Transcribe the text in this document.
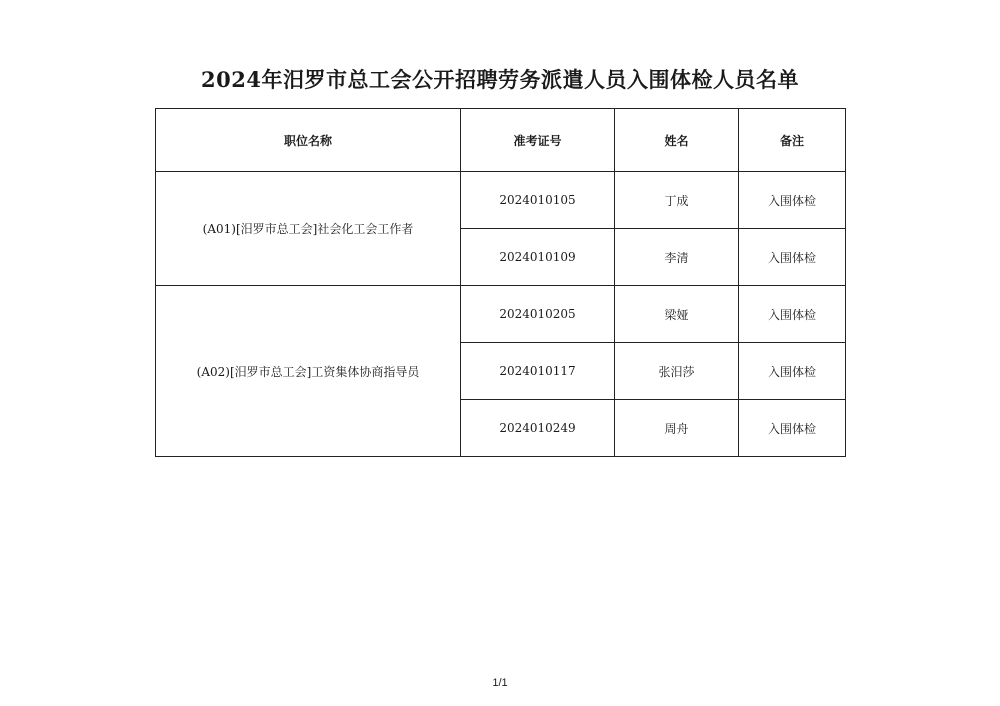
2024年汨罗市总工会公开招聘劳务派遣人员入围体检人员名单
职位名称	准考证号	姓名	备注
(A01)[汨罗市总工会]社会化工会工作者	2024010105	丁成	入围体检
	2024010109	李清	入围体检
(A02)[汨罗市总工会]工资集体协商指导员	2024010205	梁娅	入围体检
	2024010117	张汨莎	入围体检
	2024010249	周舟	入围体检
1/1
